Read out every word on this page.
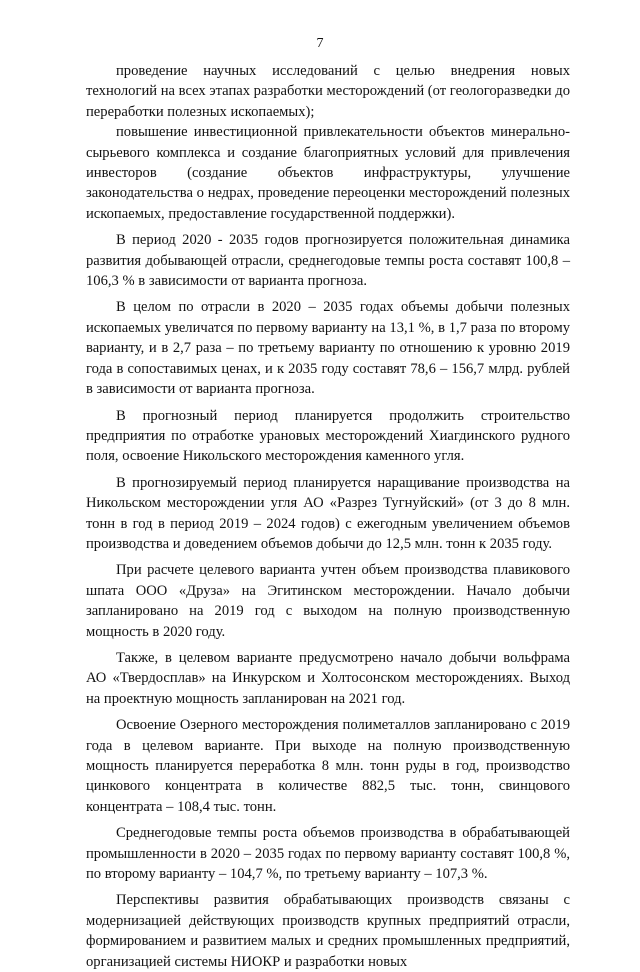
7

проведение научных исследований с целью внедрения новых технологий на всех этапах разработки месторождений (от геологоразведки до переработки полезных ископаемых);

повышение инвестиционной привлекательности объектов минерально-сырьевого комплекса и создание благоприятных условий для привлечения инвесторов (создание объектов инфраструктуры, улучшение законодательства о недрах, проведение переоценки месторождений полезных ископаемых, предоставление государственной поддержки).

В период 2020 - 2035 годов прогнозируется положительная динамика развития добывающей отрасли, среднегодовые темпы роста составят 100,8 – 106,3 % в зависимости от варианта прогноза.

В целом по отрасли в 2020 – 2035 годах объемы добычи полезных ископаемых увеличатся по первому варианту на 13,1 %, в 1,7 раза по второму варианту, и в 2,7 раза – по третьему варианту по отношению к уровню 2019 года в сопоставимых ценах, и к 2035 году составят 78,6 – 156,7 млрд. рублей в зависимости от варианта прогноза.

В прогнозный период планируется продолжить строительство предприятия по отработке урановых месторождений Хиагдинского рудного поля, освоение Никольского месторождения каменного угля.

В прогнозируемый период планируется наращивание производства на Никольском месторождении угля АО «Разрез Тугнуйский» (от 3 до 8 млн. тонн в год в период 2019 – 2024 годов) с ежегодным увеличением объемов производства и доведением объемов добычи до 12,5 млн. тонн к 2035 году.

При расчете целевого варианта учтен объем производства плавикового шпата ООО «Друза» на Эгитинском месторождении. Начало добычи запланировано на 2019 год с выходом на полную производственную мощность в 2020 году.

Также, в целевом варианте предусмотрено начало добычи вольфрама АО «Твердосплав» на Инкурском и Холтосонском месторождениях. Выход на проектную мощность запланирован на 2021 год.

Освоение Озерного месторождения полиметаллов запланировано с 2019 года в целевом варианте. При выходе на полную производственную мощность планируется переработка 8 млн. тонн руды в год, производство цинкового концентрата в количестве 882,5 тыс. тонн, свинцового концентрата – 108,4 тыс. тонн.

Среднегодовые темпы роста объемов производства в обрабатывающей промышленности в 2020 – 2035 годах по первому варианту составят 100,8 %, по второму варианту – 104,7 %, по третьему варианту – 107,3 %.

Перспективы развития обрабатывающих производств связаны с модернизацией действующих производств крупных предприятий отрасли, формированием и развитием малых и средних промышленных предприятий, организацией системы НИОКР и разработки новых
